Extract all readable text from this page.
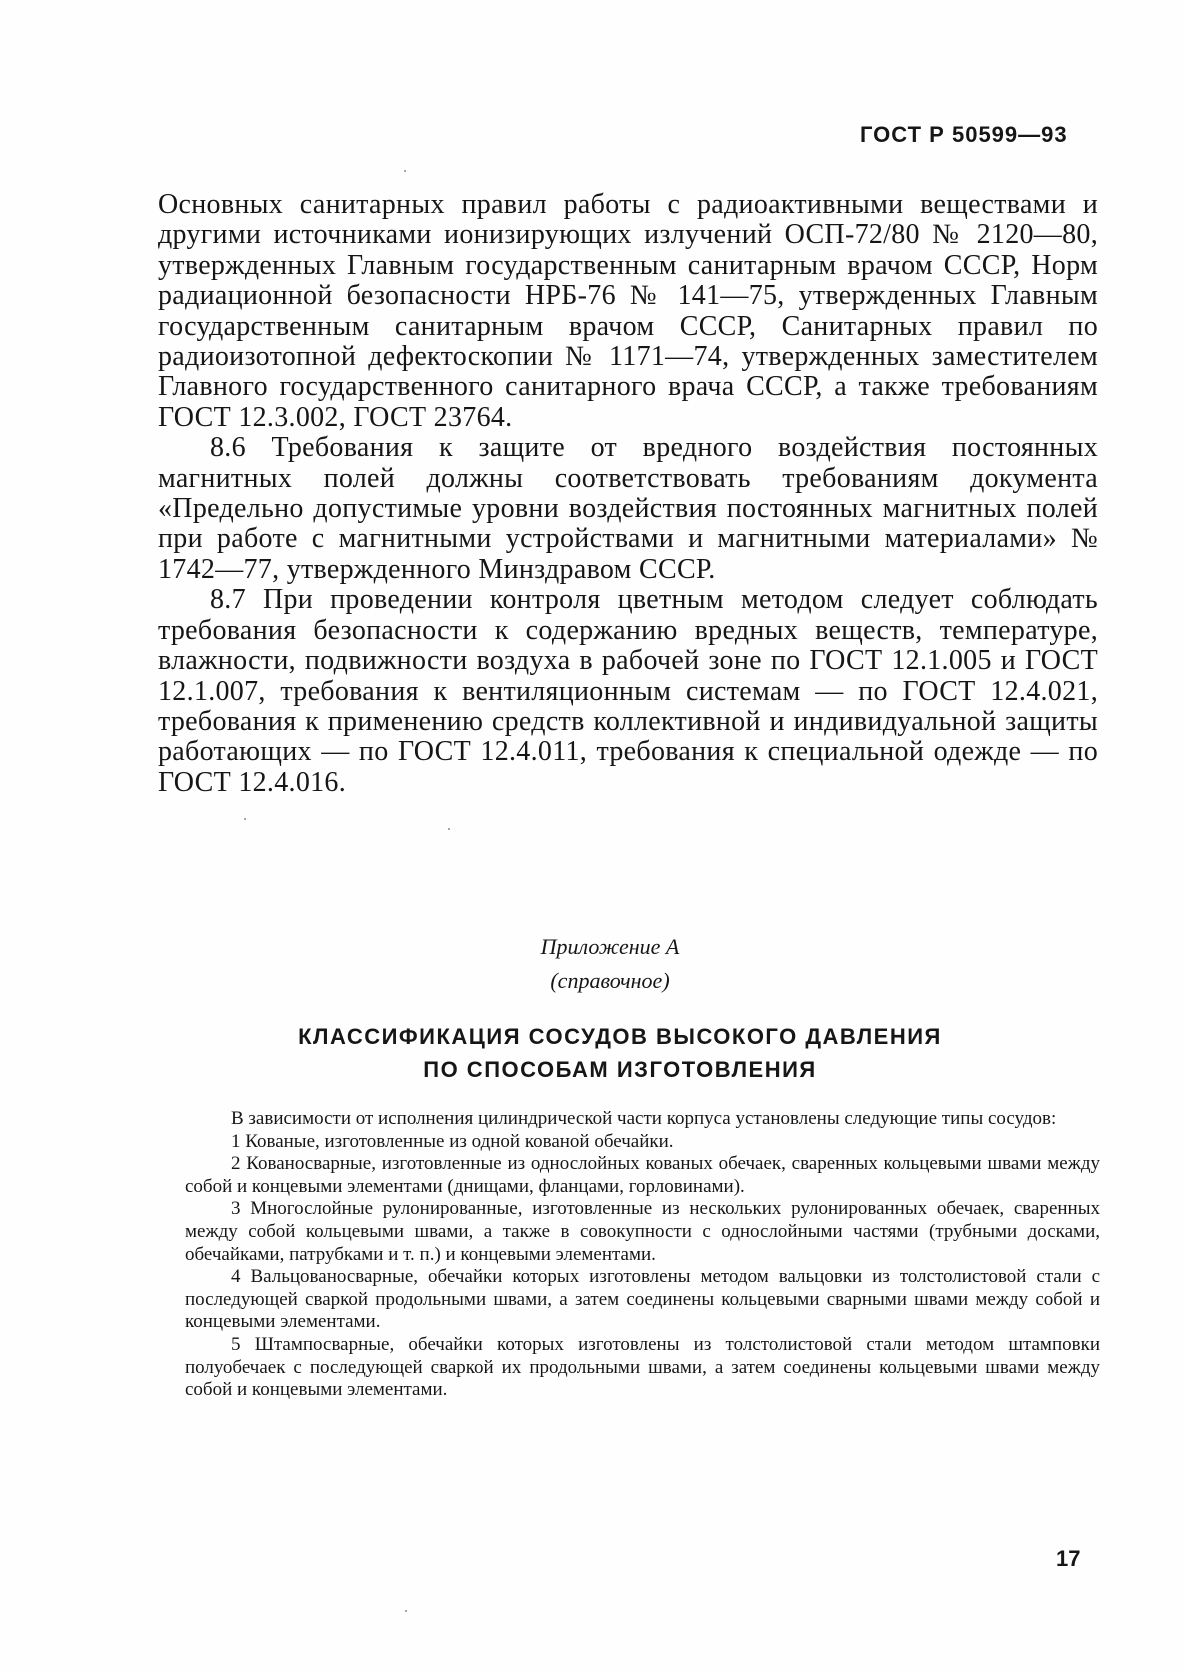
ГОСТ Р 50599—93

Основных санитарных правил работы с радиоактивными веществами и другими источниками ионизирующих излучений ОСП-72/80 № 2120—80, утвержденных Главным государственным санитарным врачом СССР, Норм радиационной безопасности НРБ-76 № 141—75, утвержденных Главным государственным санитарным врачом СССР, Санитарных правил по радиоизотопной дефектоскопии № 1171—74, утвержденных заместителем Главного государственного санитарного врача СССР, а также требованиям ГОСТ 12.3.002, ГОСТ 23764.

8.6 Требования к защите от вредного воздействия постоянных магнитных полей должны соответствовать требованиям документа «Предельно допустимые уровни воздействия постоянных магнитных полей при работе с магнитными устройствами и магнитными материалами» № 1742—77, утвержденного Минздравом СССР.

8.7 При проведении контроля цветным методом следует соблюдать требования безопасности к содержанию вредных веществ, температуре, влажности, подвижности воздуха в рабочей зоне по ГОСТ 12.1.005 и ГОСТ 12.1.007, требования к вентиляционным системам — по ГОСТ 12.4.021, требования к применению средств коллективной и индивидуальной защиты работающих — по ГОСТ 12.4.011, требования к специальной одежде — по ГОСТ 12.4.016.

Приложение А
(справочное)
КЛАССИФИКАЦИЯ СОСУДОВ ВЫСОКОГО ДАВЛЕНИЯ
ПО СПОСОБАМ ИЗГОТОВЛЕНИЯ

В зависимости от исполнения цилиндрической части корпуса установлены следующие типы сосудов:

1 Кованые, изготовленные из одной кованой обечайки.

2 Кованосварные, изготовленные из однослойных кованых обечаек, сваренных кольцевыми швами между собой и концевыми элементами (днищами, фланцами, горловинами).

3 Многослойные рулонированные, изготовленные из нескольких рулонированных обечаек, сваренных между собой кольцевыми швами, а также в совокупности с однослойными частями (трубными досками, обечайками, патрубками и т. п.) и концевыми элементами.

4 Вальцованосварные, обечайки которых изготовлены методом вальцовки из толстолистовой стали с последующей сваркой продольными швами, а затем соединены кольцевыми сварными швами между собой и концевыми элементами.

5 Штампосварные, обечайки которых изготовлены из толстолистовой стали методом штамповки полуобечаек с последующей сваркой их продольными швами, а затем соединены кольцевыми швами между собой и концевыми элементами.

17
